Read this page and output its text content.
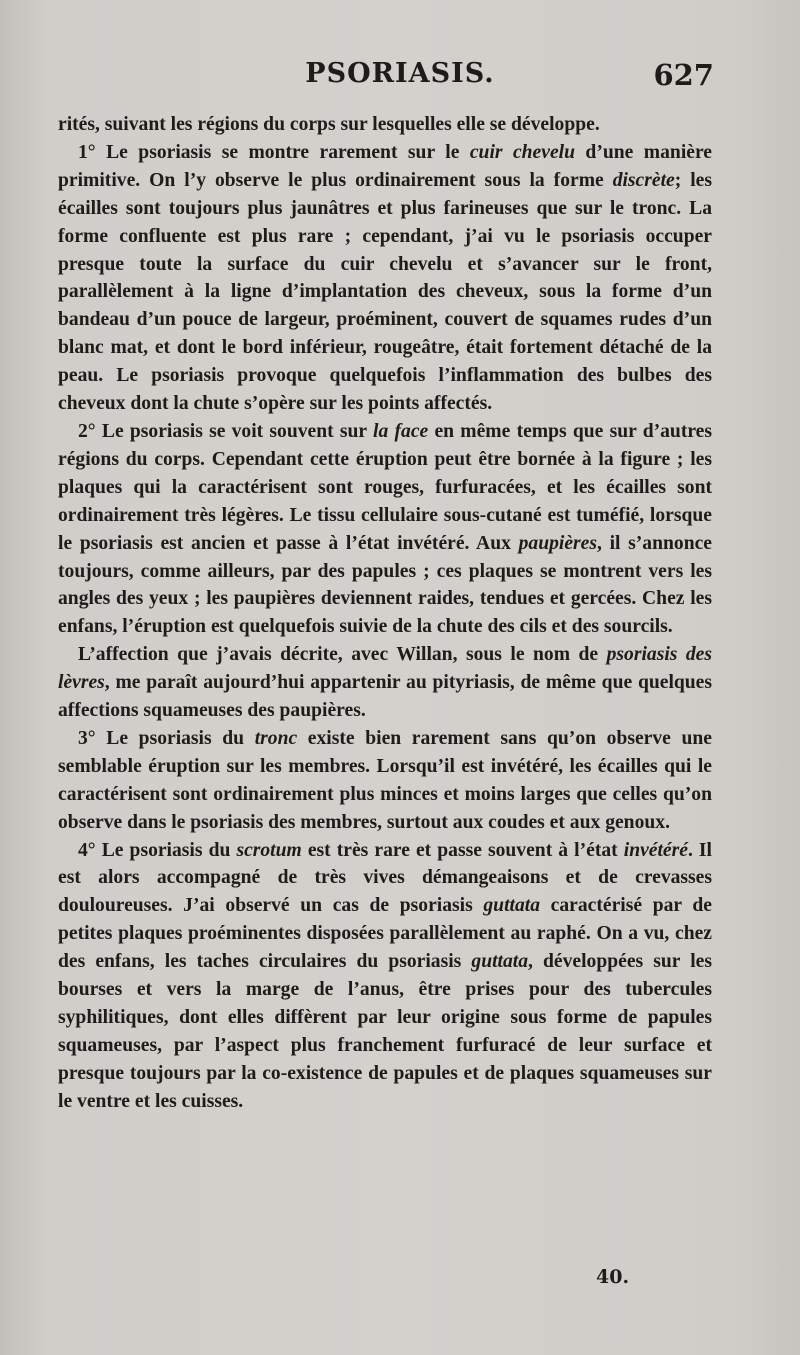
PSORIASIS.	627

rités, suivant les régions du corps sur lesquelles elle se développe.

1° Le psoriasis se montre rarement sur le cuir chevelu d’une manière primitive. On l’y observe le plus ordinairement sous la forme discrète; les écailles sont toujours plus jaunâtres et plus farineuses que sur le tronc. La forme confluente est plus rare ; cependant, j’ai vu le psoriasis occuper presque toute la surface du cuir chevelu et s’avancer sur le front, parallèlement à la ligne d’implantation des cheveux, sous la forme d’un bandeau d’un pouce de largeur, proéminent, couvert de squames rudes d’un blanc mat, et dont le bord inférieur, rougeâtre, était fortement détaché de la peau. Le psoriasis provoque quelquefois l’inflammation des bulbes des cheveux dont la chute s’opère sur les points affectés.

2° Le psoriasis se voit souvent sur la face en même temps que sur d’autres régions du corps. Cependant cette éruption peut être bornée à la figure ; les plaques qui la caractérisent sont rouges, furfuracées, et les écailles sont ordinairement très légères. Le tissu cellulaire sous-cutané est tuméfié, lorsque le psoriasis est ancien et passe à l’état invétéré. Aux paupières, il s’annonce toujours, comme ailleurs, par des papules ; ces plaques se montrent vers les angles des yeux ; les paupières deviennent raides, tendues et gercées. Chez les enfans, l’éruption est quelquefois suivie de la chute des cils et des sourcils.

L’affection que j’avais décrite, avec Willan, sous le nom de psoriasis des lèvres, me paraît aujourd’hui appartenir au pityriasis, de même que quelques affections squameuses des paupières.

3° Le psoriasis du tronc existe bien rarement sans qu’on observe une semblable éruption sur les membres. Lorsqu’il est invétéré, les écailles qui le caractérisent sont ordinairement plus minces et moins larges que celles qu’on observe dans le psoriasis des membres, surtout aux coudes et aux genoux.

4° Le psoriasis du scrotum est très rare et passe souvent à l’état invétéré. Il est alors accompagné de très vives démangeaisons et de crevasses douloureuses. J’ai observé un cas de psoriasis guttata caractérisé par de petites plaques proéminentes disposées parallèlement au raphé. On a vu, chez des enfans, les taches circulaires du psoriasis guttata, développées sur les bourses et vers la marge de l’anus, être prises pour des tubercules syphilitiques, dont elles diffèrent par leur origine sous forme de papules squameuses, par l’aspect plus franchement furfuracé de leur surface et presque toujours par la co-existence de papules et de plaques squameuses sur le ventre et les cuisses.

40.
